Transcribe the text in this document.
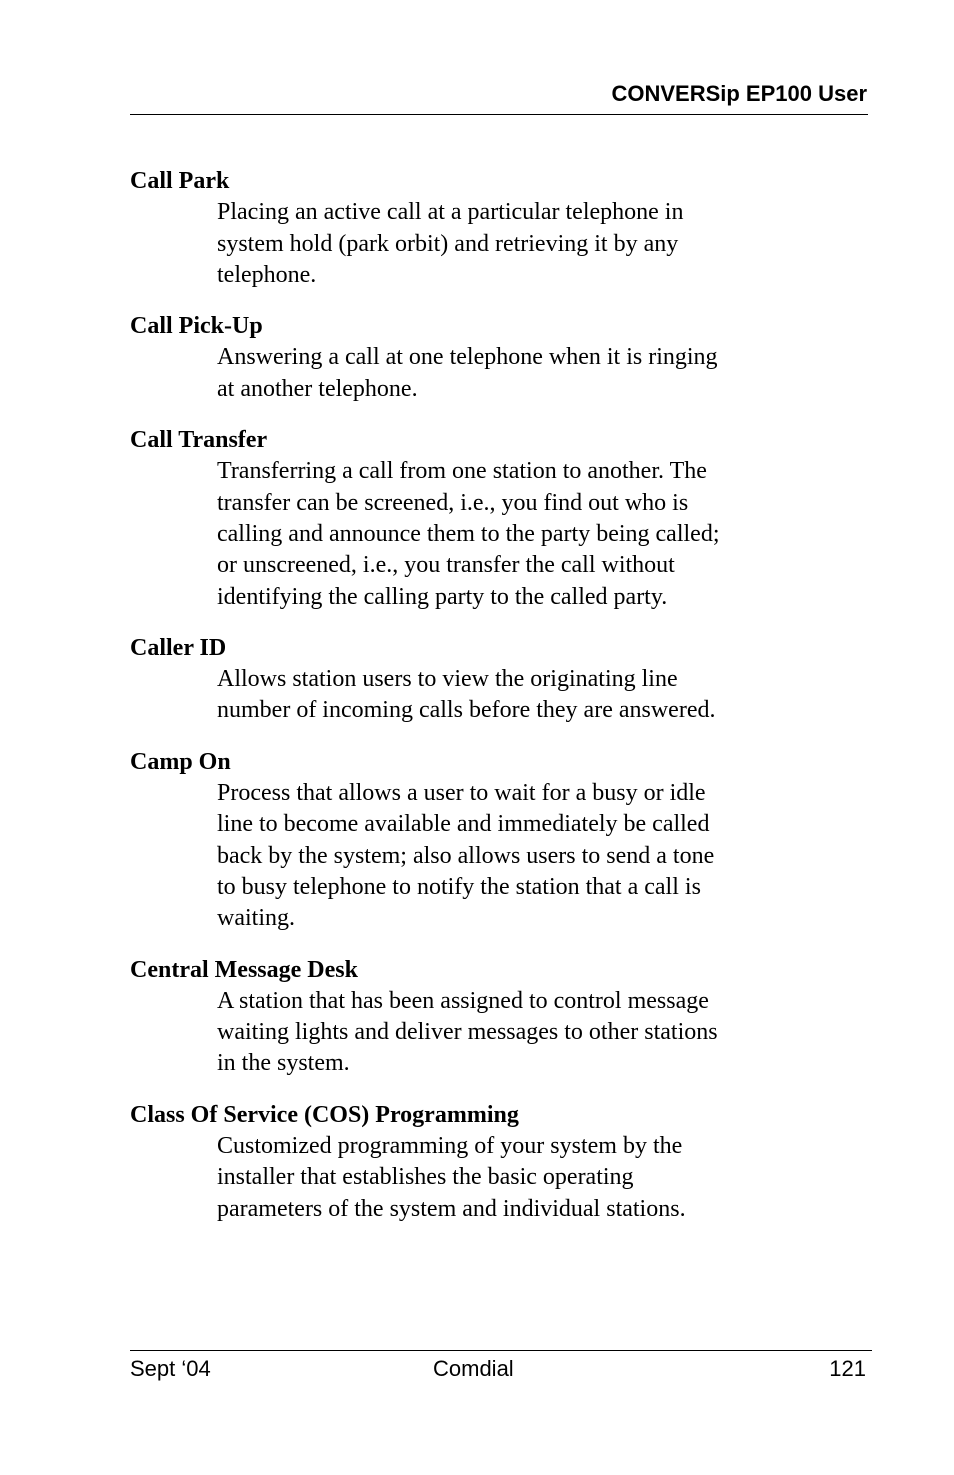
CONVERSip EP100 User
Call Park
Placing an active call at a particular telephone in
system hold (park orbit) and retrieving it by any
telephone.
Call Pick-Up
Answering a call at one telephone when it is ringing
at another telephone.
Call Transfer
Transferring a call from one station to another. The
transfer can be screened, i.e., you find out who is
calling and announce them to the party being called;
or unscreened, i.e., you transfer the call without
identifying the calling party to the called party.
Caller ID
Allows station users to view the originating line
number of incoming calls before they are answered.
Camp On
Process that allows a user to wait for a busy or idle
line to become available and immediately be called
back by the system; also allows users to send a tone
to busy telephone to notify the station that a call is
waiting.
Central Message Desk
A station that has been assigned to control message
waiting lights and deliver messages to other stations
in the system.
Class Of Service (COS) Programming
Customized programming of your system by the
installer that establishes the basic operating
parameters of the system and individual stations.
Sept ‘04	Comdial	121
